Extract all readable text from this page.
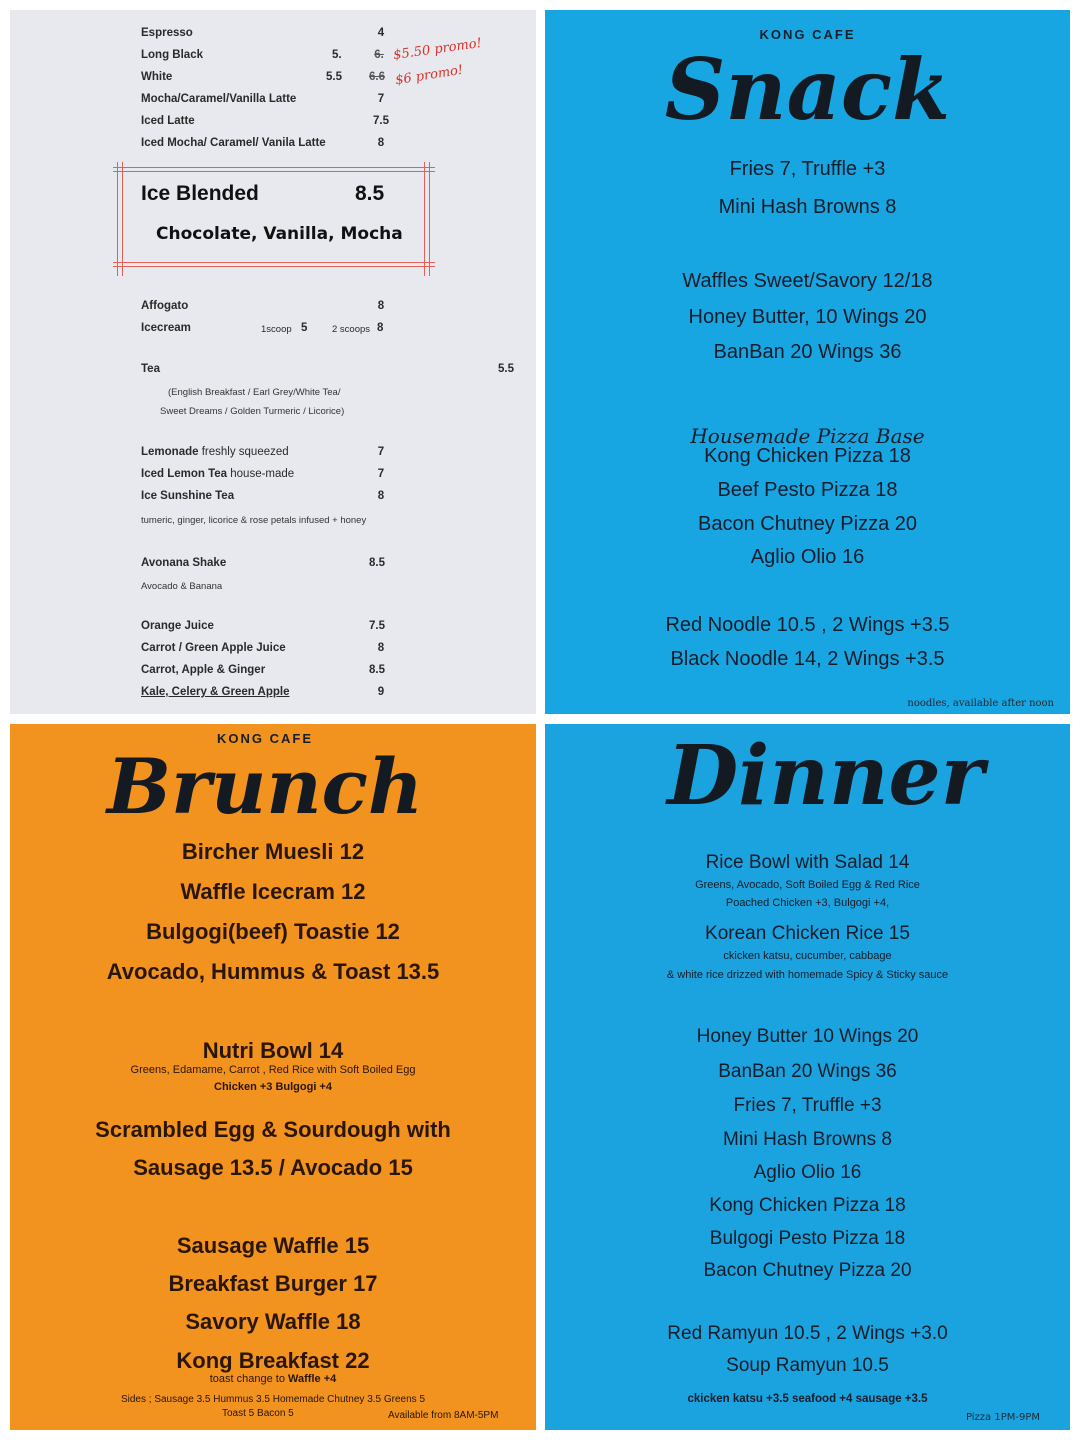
Espresso	4
Long Black	5.	6. $5.50 promo!
White	5.5 6.6 $6 promo!
Mocha/Caramel/Vanilla Latte	7
Iced Latte	7.5
Iced Mocha/ Caramel/ Vanila Latte	8
Ice Blended	8.5
Chocolate, Vanilla, Mocha
Affogato	8
Icecream	1scoop 5	2 scoops 8
Tea	5.5
(English Breakfast / Earl Grey/White Tea/
Sweet Dreams / Golden Turmeric / Licorice)
Lemonade freshly squeezed	7
Iced Lemon Tea house-made	7
Ice Sunshine Tea	8
tumeric, ginger, licorice & rose petals infused + honey
Avonana Shake	8.5
Avocado & Banana
Orange Juice	7.5
Carrot / Green Apple Juice	8
Carrot, Apple & Ginger	8.5
Kale, Celery & Green Apple	9
KONG CAFE
Snack
Fries 7, Truffle +3
Mini Hash Browns 8
Waffles Sweet/Savory 12/18
Honey Butter, 10 Wings 20
BanBan 20 Wings 36
Housemade Pizza Base
Kong Chicken Pizza 18
Beef Pesto Pizza 18
Bacon Chutney Pizza 20
Aglio Olio 16
Red Noodle 10.5 , 2 Wings +3.5
Black Noodle 14, 2 Wings +3.5
noodles, available after noon
KONG CAFE
Brunch
Bircher Muesli 12
Waffle Icecram 12
Bulgogi(beef) Toastie 12
Avocado, Hummus & Toast 13.5
Nutri Bowl 14
Greens, Edamame, Carrot , Red Rice with Soft Boiled Egg
Chicken +3 Bulgogi +4
Scrambled Egg & Sourdough with
Sausage 13.5 / Avocado 15
Sausage Waffle 15
Breakfast Burger 17
Savory Waffle 18
Kong Breakfast 22
toast change to Waffle +4
Sides ; Sausage 3.5 Hummus 3.5 Homemade Chutney 3.5 Greens 5
Toast 5 Bacon 5	Available from 8AM-5PM
Dinner
Rice Bowl with Salad 14
Greens, Avocado, Soft Boiled Egg & Red Rice
Poached Chicken +3, Bulgogi +4,
Korean Chicken Rice 15
ckicken katsu, cucumber, cabbage
& white rice drizzed with homemade Spicy & Sticky sauce
Honey Butter 10 Wings 20
BanBan 20 Wings 36
Fries 7, Truffle +3
Mini Hash Browns 8
Aglio Olio 16
Kong Chicken Pizza 18
Bulgogi Pesto Pizza 18
Bacon Chutney Pizza 20
Red Ramyun 10.5 , 2 Wings +3.0
Soup Ramyun 10.5
ckicken katsu +3.5 seafood +4 sausage +3.5
Pizza 1PM-9PM
